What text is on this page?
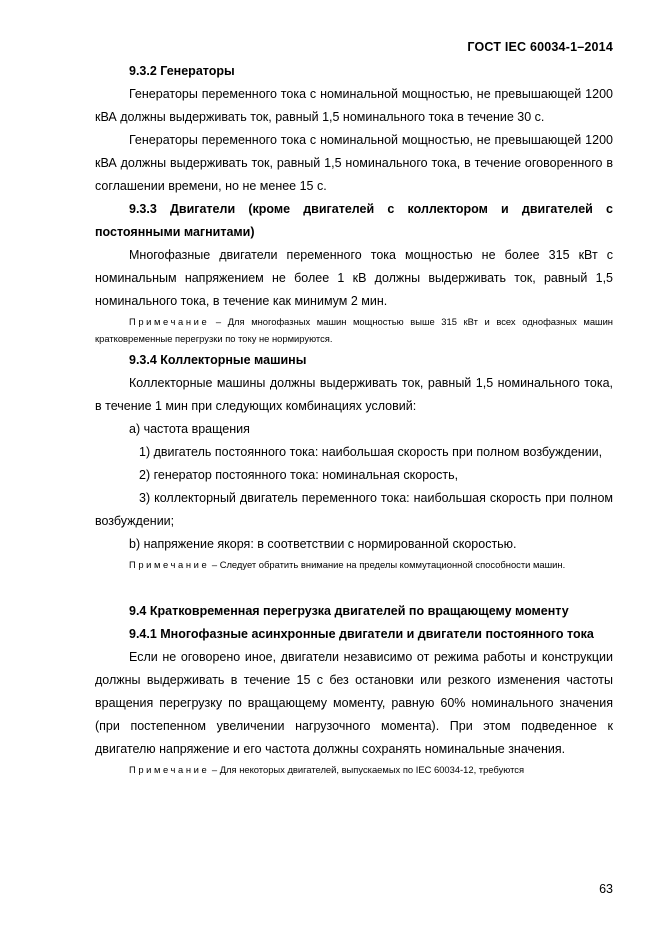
ГОСТ IEC 60034-1–2014

9.3.2 Генераторы

Генераторы переменного тока с номинальной мощностью, не превышающей 1200 кВА должны выдерживать ток, равный 1,5 номинального тока в течение 30 с.

Генераторы переменного тока с номинальной мощностью, не превышающей 1200 кВА должны выдерживать ток, равный 1,5 номинального тока, в течение оговоренного в соглашении времени, но не менее 15 с.

9.3.3 Двигатели (кроме двигателей с коллектором и двигателей с постоянными магнитами)

Многофазные двигатели переменного тока мощностью не более 315 кВт с номинальным напряжением не более 1 кВ должны выдерживать ток, равный 1,5 номинального тока, в течение как минимум 2 мин.

Примечание – Для многофазных машин мощностью выше 315 кВт и всех однофазных машин кратковременные перегрузки по току не нормируются.

9.3.4 Коллекторные машины

Коллекторные машины должны выдерживать ток, равный 1,5 номинального тока, в течение 1 мин при следующих комбинациях условий:

а) частота вращения

1) двигатель постоянного тока: наибольшая скорость при полном возбуждении,

2) генератор постоянного тока: номинальная скорость,

3) коллекторный двигатель переменного тока: наибольшая скорость при полном возбуждении;

b) напряжение якоря: в соответствии с нормированной скоростью.

Примечание – Следует обратить внимание на пределы коммутационной способности машин.

9.4 Кратковременная перегрузка двигателей по вращающему моменту

9.4.1 Многофазные асинхронные двигатели и двигатели постоянного тока

Если не оговорено иное, двигатели независимо от режима работы и конструкции должны выдерживать в течение 15 с без остановки или резкого изменения частоты вращения перегрузку по вращающему моменту, равную 60% номинального значения (при постепенном увеличении нагрузочного момента). При этом подведенное к двигателю напряжение и его частота должны сохранять номинальные значения.

Примечание – Для некоторых двигателей, выпускаемых по IEC 60034-12, требуются

63
